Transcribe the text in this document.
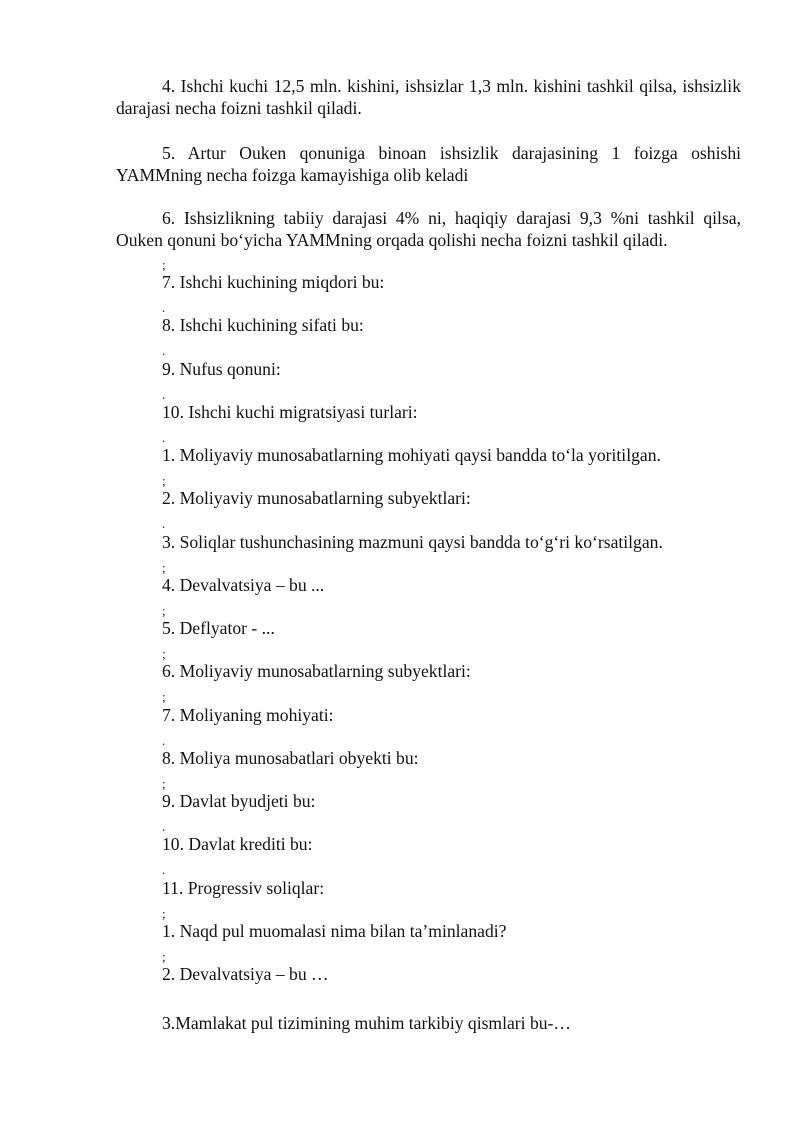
4. Ishchi kuchi 12,5 mln. kishini, ishsizlar 1,3 mln. kishini tashkil qilsa, ishsizlik darajasi necha foizni tashkil qiladi.

5. Artur Ouken qonuniga binoan ishsizlik darajasining 1 foizga oshishi YAMMning necha foizga kamayishiga olib keladi

6. Ishsizlikning tabiiy darajasi 4% ni, haqiqiy darajasi 9,3 %ni tashkil qilsa, Ouken qonuni bo‘yicha YAMMning orqada qolishi necha foizni tashkil qiladi.

;

7. Ishchi kuchining miqdori bu:

.

8. Ishchi kuchining sifati bu:

.

9. Nufus qonuni:

.

10. Ishchi kuchi migratsiyasi turlari:

.

1. Moliyaviy munosabatlarning mohiyati qaysi bandda to‘la yoritilgan.

;

2. Moliyaviy munosabatlarning subyektlari:

.

3. Soliqlar tushunchasining mazmuni qaysi bandda to‘g‘ri ko‘rsatilgan.

;

4. Devalvatsiya – bu ...

;

5. Deflyator - ...

;

6. Moliyaviy munosabatlarning subyektlari:

;

7. Moliyaning mohiyati:

.

8. Moliya munosabatlari obyekti bu:

;

9. Davlat byudjeti bu:

.

10. Davlat krediti bu:

.

11. Progressiv soliqlar:

;

1. Naqd pul muomalasi nima bilan ta’minlanadi?

;

2. Devalvatsiya – bu …

3.Mamlakat pul tizimining muhim tarkibiy qismlari bu-…
